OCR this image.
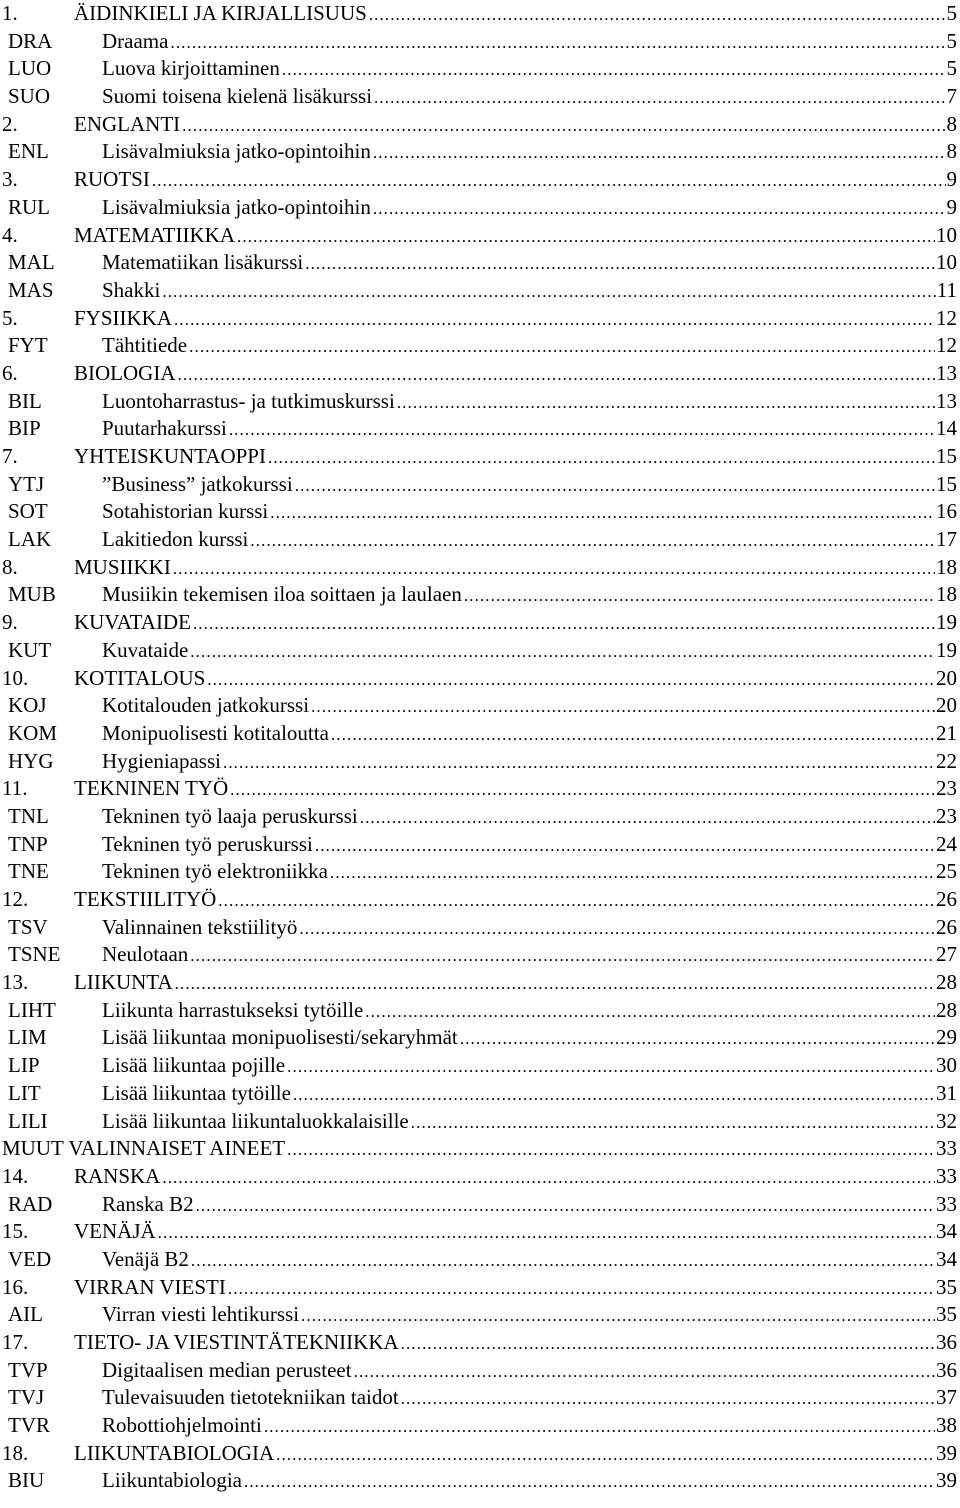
1.	ÄIDINKIELI JA KIRJALLISUUS .....	5
DRA	Draama .....	5
LUO	Luova kirjoittaminen .....	5
SUO	Suomi toisena kielenä lisäkurssi .....	7
2.	ENGLANTI .....	8
ENL	Lisävalmiuksia jatko-opintoihin .....	8
3.	RUOTSI .....	9
RUL	Lisävalmiuksia jatko-opintoihin .....	9
4.	MATEMATIIKKA .....	10
MAL	Matematiikan lisäkurssi .....	10
MAS	Shakki .....	11
5.	FYSIIKKA .....	12
FYT	Tähtitiede .....	12
6.	BIOLOGIA .....	13
BIL	Luontoharrastus- ja tutkimuskurssi .....	13
BIP	Puutarhakurssi .....	14
7.	YHTEISKUNTAOPPI .....	15
YTJ	”Business” jatkokurssi .....	15
SOT	Sotahistorian kurssi .....	16
LAK	Lakitiedon kurssi .....	17
8.	MUSIIKKI .....	18
MUB	Musiikin tekemisen iloa soittaen ja laulaen .....	18
9.	KUVATAIDE .....	19
KUT	Kuvataide .....	19
10.	KOTITALOUS .....	20
KOJ	Kotitalouden jatkokurssi .....	20
KOM	Monipuolisesti kotitaloutta .....	21
HYG	Hygieniapassi .....	22
11.	TEKNINEN TYÖ .....	23
TNL	Tekninen työ laaja peruskurssi .....	23
TNP	Tekninen työ peruskurssi .....	24
TNE	Tekninen työ elektroniikka .....	25
12.	TEKSTIILITYÖ .....	26
TSV	Valinnainen tekstiilityö .....	26
TSNE	Neulotaan .....	27
13.	LIIKUNTA .....	28
LIHT	Liikunta harrastukseksi tytöille .....	28
LIM	Lisää liikuntaa monipuolisesti/sekaryhmät .....	29
LIP	Lisää liikuntaa pojille .....	30
LIT	Lisää liikuntaa tytöille .....	31
LILI	Lisää liikuntaa liikuntaluokkalaisille .....	32
MUUT VALINNAISET AINEET .....	33
14.	RANSKA .....	33
RAD	Ranska B2 .....	33
15.	VENÄJÄ .....	34
VED	Venäjä B2 .....	34
16.	VIRRAN VIESTI .....	35
AIL	Virran viesti lehtikurssi .....	35
17.	TIETO- JA VIESTINTÄTEKNIIKKA .....	36
TVP	Digitaalisen median perusteet .....	36
TVJ	Tulevaisuuden tietotekniikan taidot .....	37
TVR	Robottiohjelmointi .....	38
18.	LIIKUNTABIOLOGIA .....	39
BIU	Liikuntabiologia .....	39
